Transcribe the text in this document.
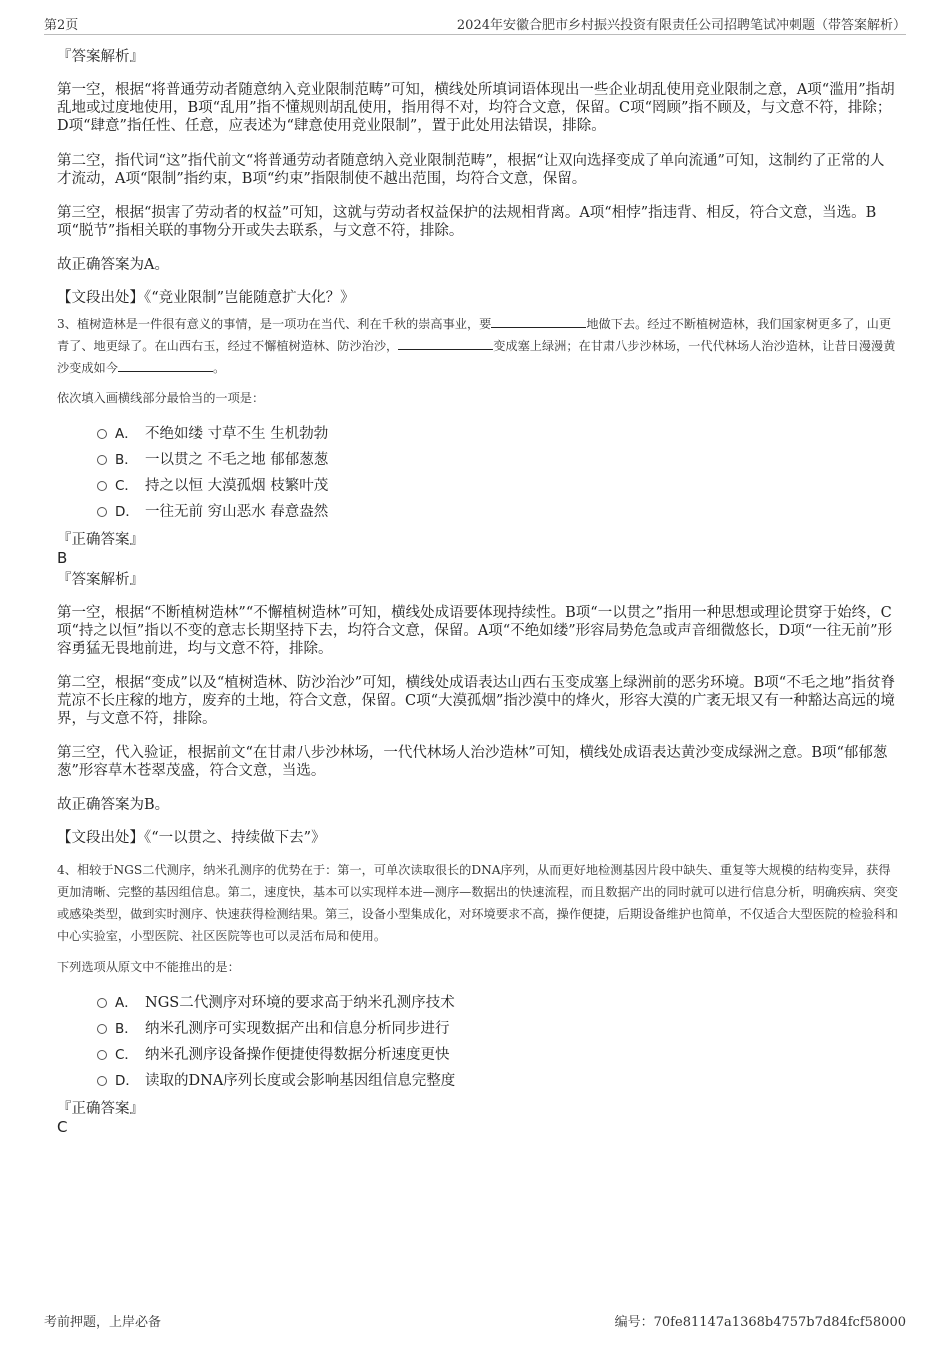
第2页	2024年安徽合肥市乡村振兴投资有限责任公司招聘笔试冲刺题（带答案解析）
『答案解析』
第一空，根据“将普通劳动者随意纳入竞业限制范畴”可知，横线处所填词语体现出一些企业胡乱使用竞业限制之意，A项“滥用”指胡乱地或过度地使用，B项“乱用”指不懂规则胡乱使用，指用得不对，均符合文意，保留。C项“罔顾”指不顾及，与文意不符，排除；D项“肆意”指任性、任意，应表述为“肆意使用竞业限制”，置于此处用法错误，排除。
第二空，指代词“这”指代前文“将普通劳动者随意纳入竞业限制范畴”，根据“让双向选择变成了单向流通”可知，这制约了正常的人才流动，A项“限制”指约束，B项“约束”指限制使不越出范围，均符合文意，保留。
第三空，根据“损害了劳动者的权益”可知，这就与劳动者权益保护的法规相背离。A项“相悖”指违背、相反，符合文意，当选。B项“脱节”指相关联的事物分开或失去联系，与文意不符，排除。
故正确答案为A。
【文段出处】《“竞业限制”岂能随意扩大化？》
3、植树造林是一件很有意义的事情，是一项功在当代、利在千秋的崇高事业，要	地做下去。经过不断植树造林，我们国家树更多了，山更青了、地更绿了。在山西右玉，经过不懈植树造林、防沙治沙，	变成塞上绿洲；在甘肃八步沙林场，一代代林场人治沙造林，让昔日漫漫黄沙变成如今	。
依次填入画横线部分最恰当的一项是：
A． 不绝如缕 寸草不生 生机勃勃
B． 一以贯之 不毛之地 郁郁葱葱
C． 持之以恒 大漠孤烟 枝繁叶茂
D． 一往无前 穷山恶水 春意盎然
『正确答案』
B
『答案解析』
第一空，根据“不断植树造林”“不懈植树造林”可知，横线处成语要体现持续性。B项“一以贯之”指用一种思想或理论贯穿于始终，C项“持之以恒”指以不变的意志长期坚持下去，均符合文意，保留。A项“不绝如缕”形容局势危急或声音细微悠长，D项“一往无前”形容勇猛无畏地前进，均与文意不符，排除。
第二空，根据“变成”以及“植树造林、防沙治沙”可知，横线处成语表达山西右玉变成塞上绿洲前的恶劣环境。B项“不毛之地”指贫脊荒凉不长庄稼的地方，废弃的土地，符合文意，保留。C项“大漠孤烟”指沙漠中的烽火，形容大漠的广袤无垠又有一种豁达高远的境界，与文意不符，排除。
第三空，代入验证，根据前文“在甘肃八步沙林场，一代代林场人治沙造林”可知，横线处成语表达黄沙变成绿洲之意。B项“郁郁葱葱”形容草木苍翠茂盛，符合文意，当选。
故正确答案为B。
【文段出处】《“一以贯之、持续做下去”》
4、相较于NGS二代测序，纳米孔测序的优势在于：第一，可单次读取很长的DNA序列，从而更好地检测基因片段中缺失、重复等大规模的结构变异，获得更加清晰、完整的基因组信息。第二，速度快，基本可以实现样本进—测序—数据出的快速流程，而且数据产出的同时就可以进行信息分析，明确疾病、突变或感染类型，做到实时测序、快速获得检测结果。第三，设备小型集成化，对环境要求不高，操作便捷，后期设备维护也简单，不仅适合大型医院的检验科和中心实验室，小型医院、社区医院等也可以灵活布局和使用。
下列选项从原文中不能推出的是：
A． NGS二代测序对环境的要求高于纳米孔测序技术
B． 纳米孔测序可实现数据产出和信息分析同步进行
C． 纳米孔测序设备操作便捷使得数据分析速度更快
D． 读取的DNA序列长度或会影响基因组信息完整度
『正确答案』
C
考前押题，上岸必备	编号：70fe81147a1368b4757b7d84fcf58000
